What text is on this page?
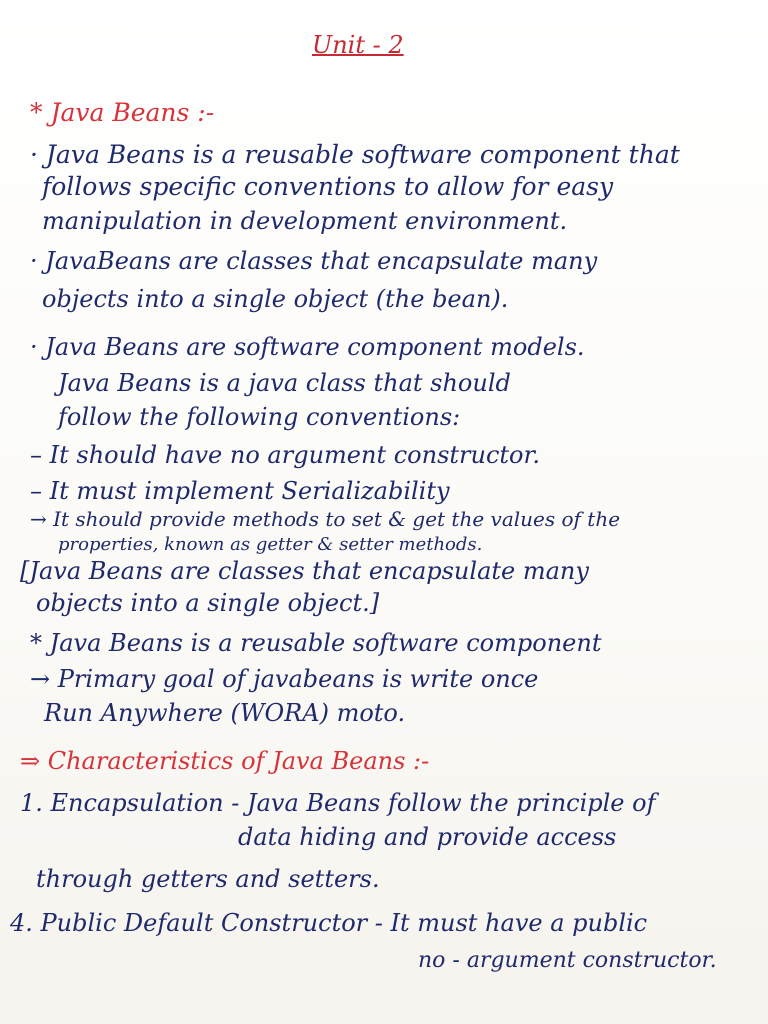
Unit - 2
* Java Beans :-
· Java Beans is a reusable software component that
follows specific conventions to allow for easy
manipulation in development environment.
· JavaBeans are classes that encapsulate many
objects into a single object (the bean).
· Java Beans are software component models.
Java Beans is a java class that should
follow the following conventions:
– It should have no argument constructor.
– It must implement Serializability
→ It should provide methods to set & get the values of the
properties, known as getter & setter methods.
[Java Beans are classes that encapsulate many
objects into a single object.]
* Java Beans is a reusable software component
→ Primary goal of javabeans is write once
Run Anywhere (WORA) moto.
⇒ Characteristics of Java Beans :-
1. Encapsulation - Java Beans follow the principle of
data hiding and provide access
through getters and setters.
4. Public Default Constructor - It must have a public
no - argument constructor.
